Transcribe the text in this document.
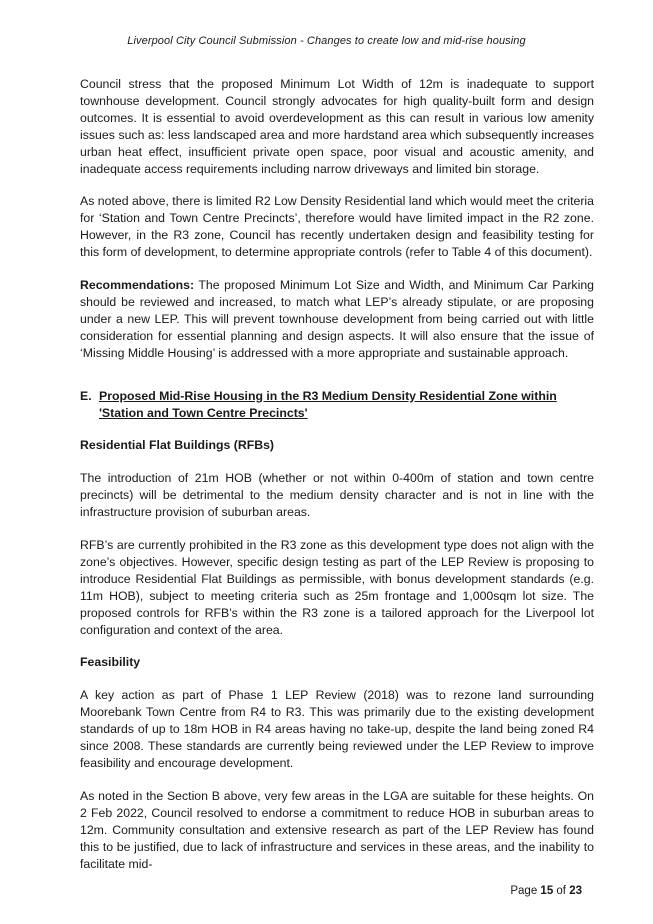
Liverpool City Council Submission - Changes to create low and mid-rise housing

Council stress that the proposed Minimum Lot Width of 12m is inadequate to support townhouse development. Council strongly advocates for high quality-built form and design outcomes. It is essential to avoid overdevelopment as this can result in various low amenity issues such as: less landscaped area and more hardstand area which subsequently increases urban heat effect, insufficient private open space, poor visual and acoustic amenity, and inadequate access requirements including narrow driveways and limited bin storage.

As noted above, there is limited R2 Low Density Residential land which would meet the criteria for ‘Station and Town Centre Precincts’, therefore would have limited impact in the R2 zone. However, in the R3 zone, Council has recently undertaken design and feasibility testing for this form of development, to determine appropriate controls (refer to Table 4 of this document).

Recommendations: The proposed Minimum Lot Size and Width, and Minimum Car Parking should be reviewed and increased, to match what LEP’s already stipulate, or are proposing under a new LEP. This will prevent townhouse development from being carried out with little consideration for essential planning and design aspects. It will also ensure that the issue of ‘Missing Middle Housing’ is addressed with a more appropriate and sustainable approach.

E. Proposed Mid-Rise Housing in the R3 Medium Density Residential Zone within 'Station and Town Centre Precincts'
Residential Flat Buildings (RFBs)

The introduction of 21m HOB (whether or not within 0-400m of station and town centre precincts) will be detrimental to the medium density character and is not in line with the infrastructure provision of suburban areas.

RFB’s are currently prohibited in the R3 zone as this development type does not align with the zone’s objectives. However, specific design testing as part of the LEP Review is proposing to introduce Residential Flat Buildings as permissible, with bonus development standards (e.g. 11m HOB), subject to meeting criteria such as 25m frontage and 1,000sqm lot size. The proposed controls for RFB’s within the R3 zone is a tailored approach for the Liverpool lot configuration and context of the area.

Feasibility

A key action as part of Phase 1 LEP Review (2018) was to rezone land surrounding Moorebank Town Centre from R4 to R3. This was primarily due to the existing development standards of up to 18m HOB in R4 areas having no take-up, despite the land being zoned R4 since 2008. These standards are currently being reviewed under the LEP Review to improve feasibility and encourage development.

As noted in the Section B above, very few areas in the LGA are suitable for these heights. On 2 Feb 2022, Council resolved to endorse a commitment to reduce HOB in suburban areas to 12m. Community consultation and extensive research as part of the LEP Review has found this to be justified, due to lack of infrastructure and services in these areas, and the inability to facilitate mid-

Page 15 of 23
